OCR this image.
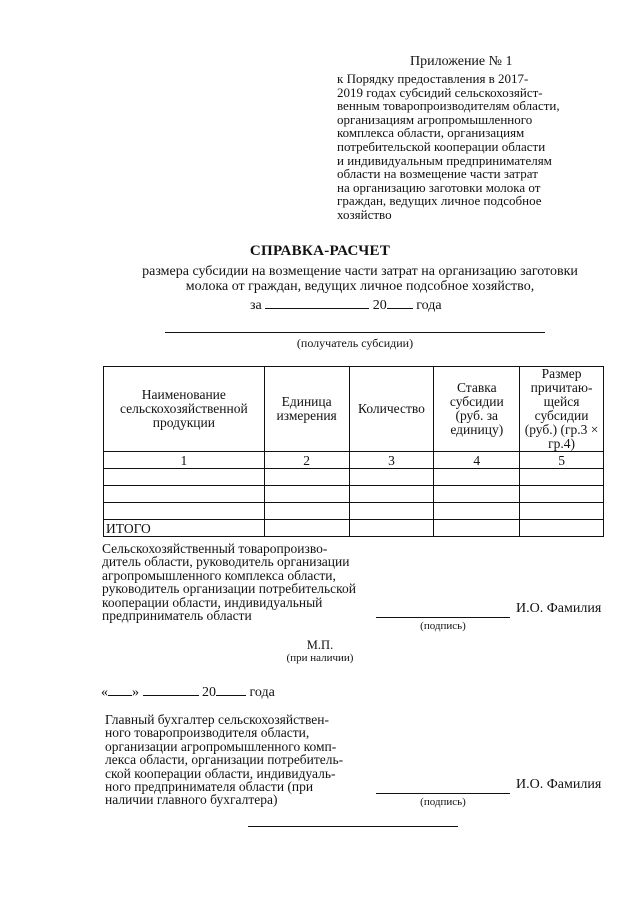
Приложение № 1
к Порядку предоставления в 2017-
2019 годах субсидий сельскохозяйст-
венным товаропроизводителям области,
организациям агропромышленного
комплекса области, организациям
потребительской кооперации области
и индивидуальным предпринимателям
области на возмещение части затрат
на организацию заготовки молока от
граждан, ведущих личное подсобное
хозяйство
СПРАВКА-РАСЧЕТ
размера субсидии на возмещение части затрат на организацию заготовки
молока от граждан, ведущих личное подсобное хозяйство,
за	20 года
(получатель субсидии)
Наименование сельскохозяйственной продукции	Единица измерения	Количество	Ставка субсидии (руб. за единицу)	Размер причитаю-щейся субсидии (руб.) (гр.3 × гр.4)
1	2	3	4	5

ИТОГО				
Сельскохозяйственный товаропроизво-
дитель области, руководитель организации
агропромышленного комплекса области,
руководитель организации потребительской
кооперации области, индивидуальный
предприниматель области	И.О. Фамилия
(подпись)
М.П.
(при наличии)
« »	20 года
Главный бухгалтер сельскохозяйствен-
ного товаропроизводителя области,
организации агропромышленного комп-
лекса области, организации потребитель-
ской кооперации области, индивидуаль-
ного предпринимателя области (при
наличии главного бухгалтера)
И.О. Фамилия
(подпись)
